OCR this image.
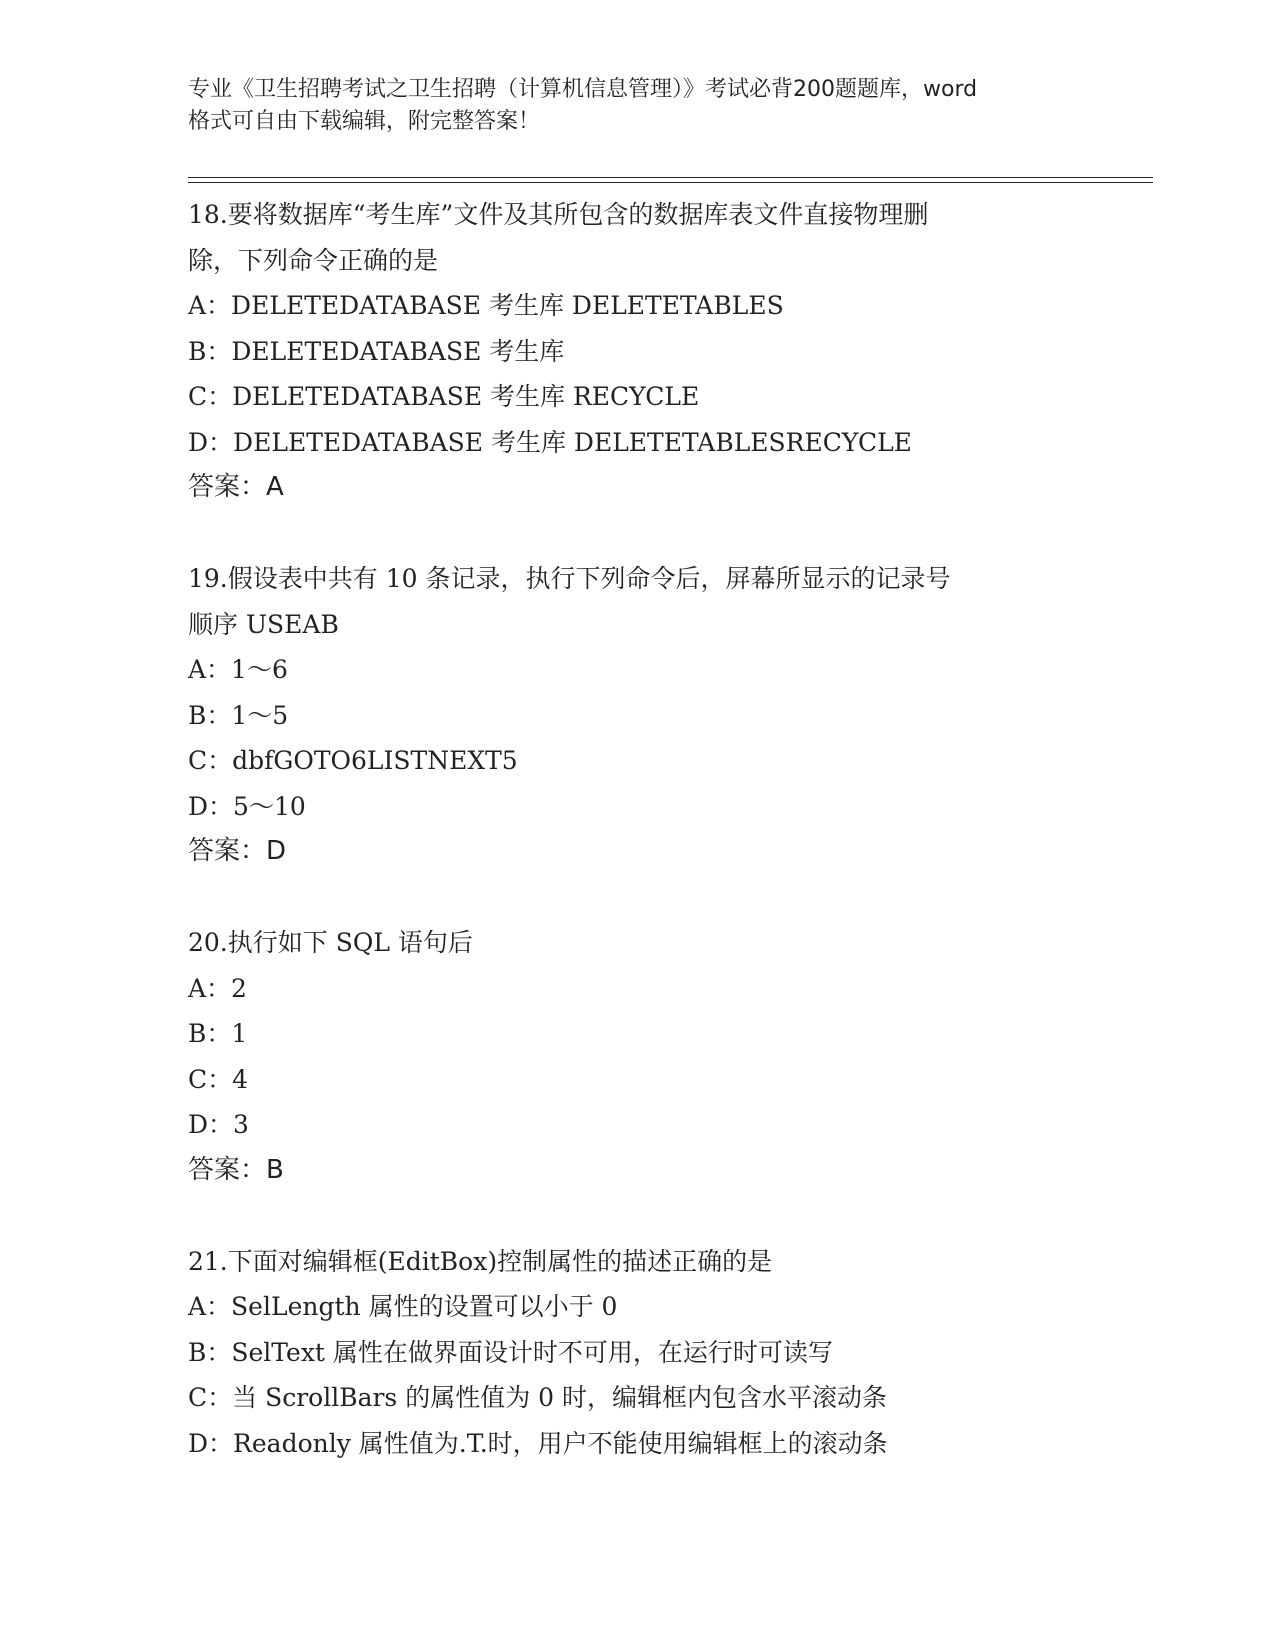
专业《卫生招聘考试之卫生招聘（计算机信息管理）》考试必背200题题库，word
格式可自由下载编辑，附完整答案！
18.要将数据库“考生库”文件及其所包含的数据库表文件直接物理删
除，下列命令正确的是
A：DELETEDATABASE 考生库 DELETETABLES
B：DELETEDATABASE 考生库
C：DELETEDATABASE 考生库 RECYCLE
D：DELETEDATABASE 考生库 DELETETABLESRECYCLE
答案：A
19.假设表中共有 10 条记录，执行下列命令后，屏幕所显示的记录号
顺序 USEAB
A：1～6
B：1～5
C：dbfGOTO6LISTNEXT5
D：5～10
答案：D
20.执行如下 SQL 语句后
A：2
B：1
C：4
D：3
答案：B
21.下面对编辑框(EditBox)控制属性的描述正确的是
A：SelLength 属性的设置可以小于 0
B：SelText 属性在做界面设计时不可用，在运行时可读写
C：当 ScrollBars 的属性值为 0 时，编辑框内包含水平滚动条
D：Readonly 属性值为.T.时，用户不能使用编辑框上的滚动条
